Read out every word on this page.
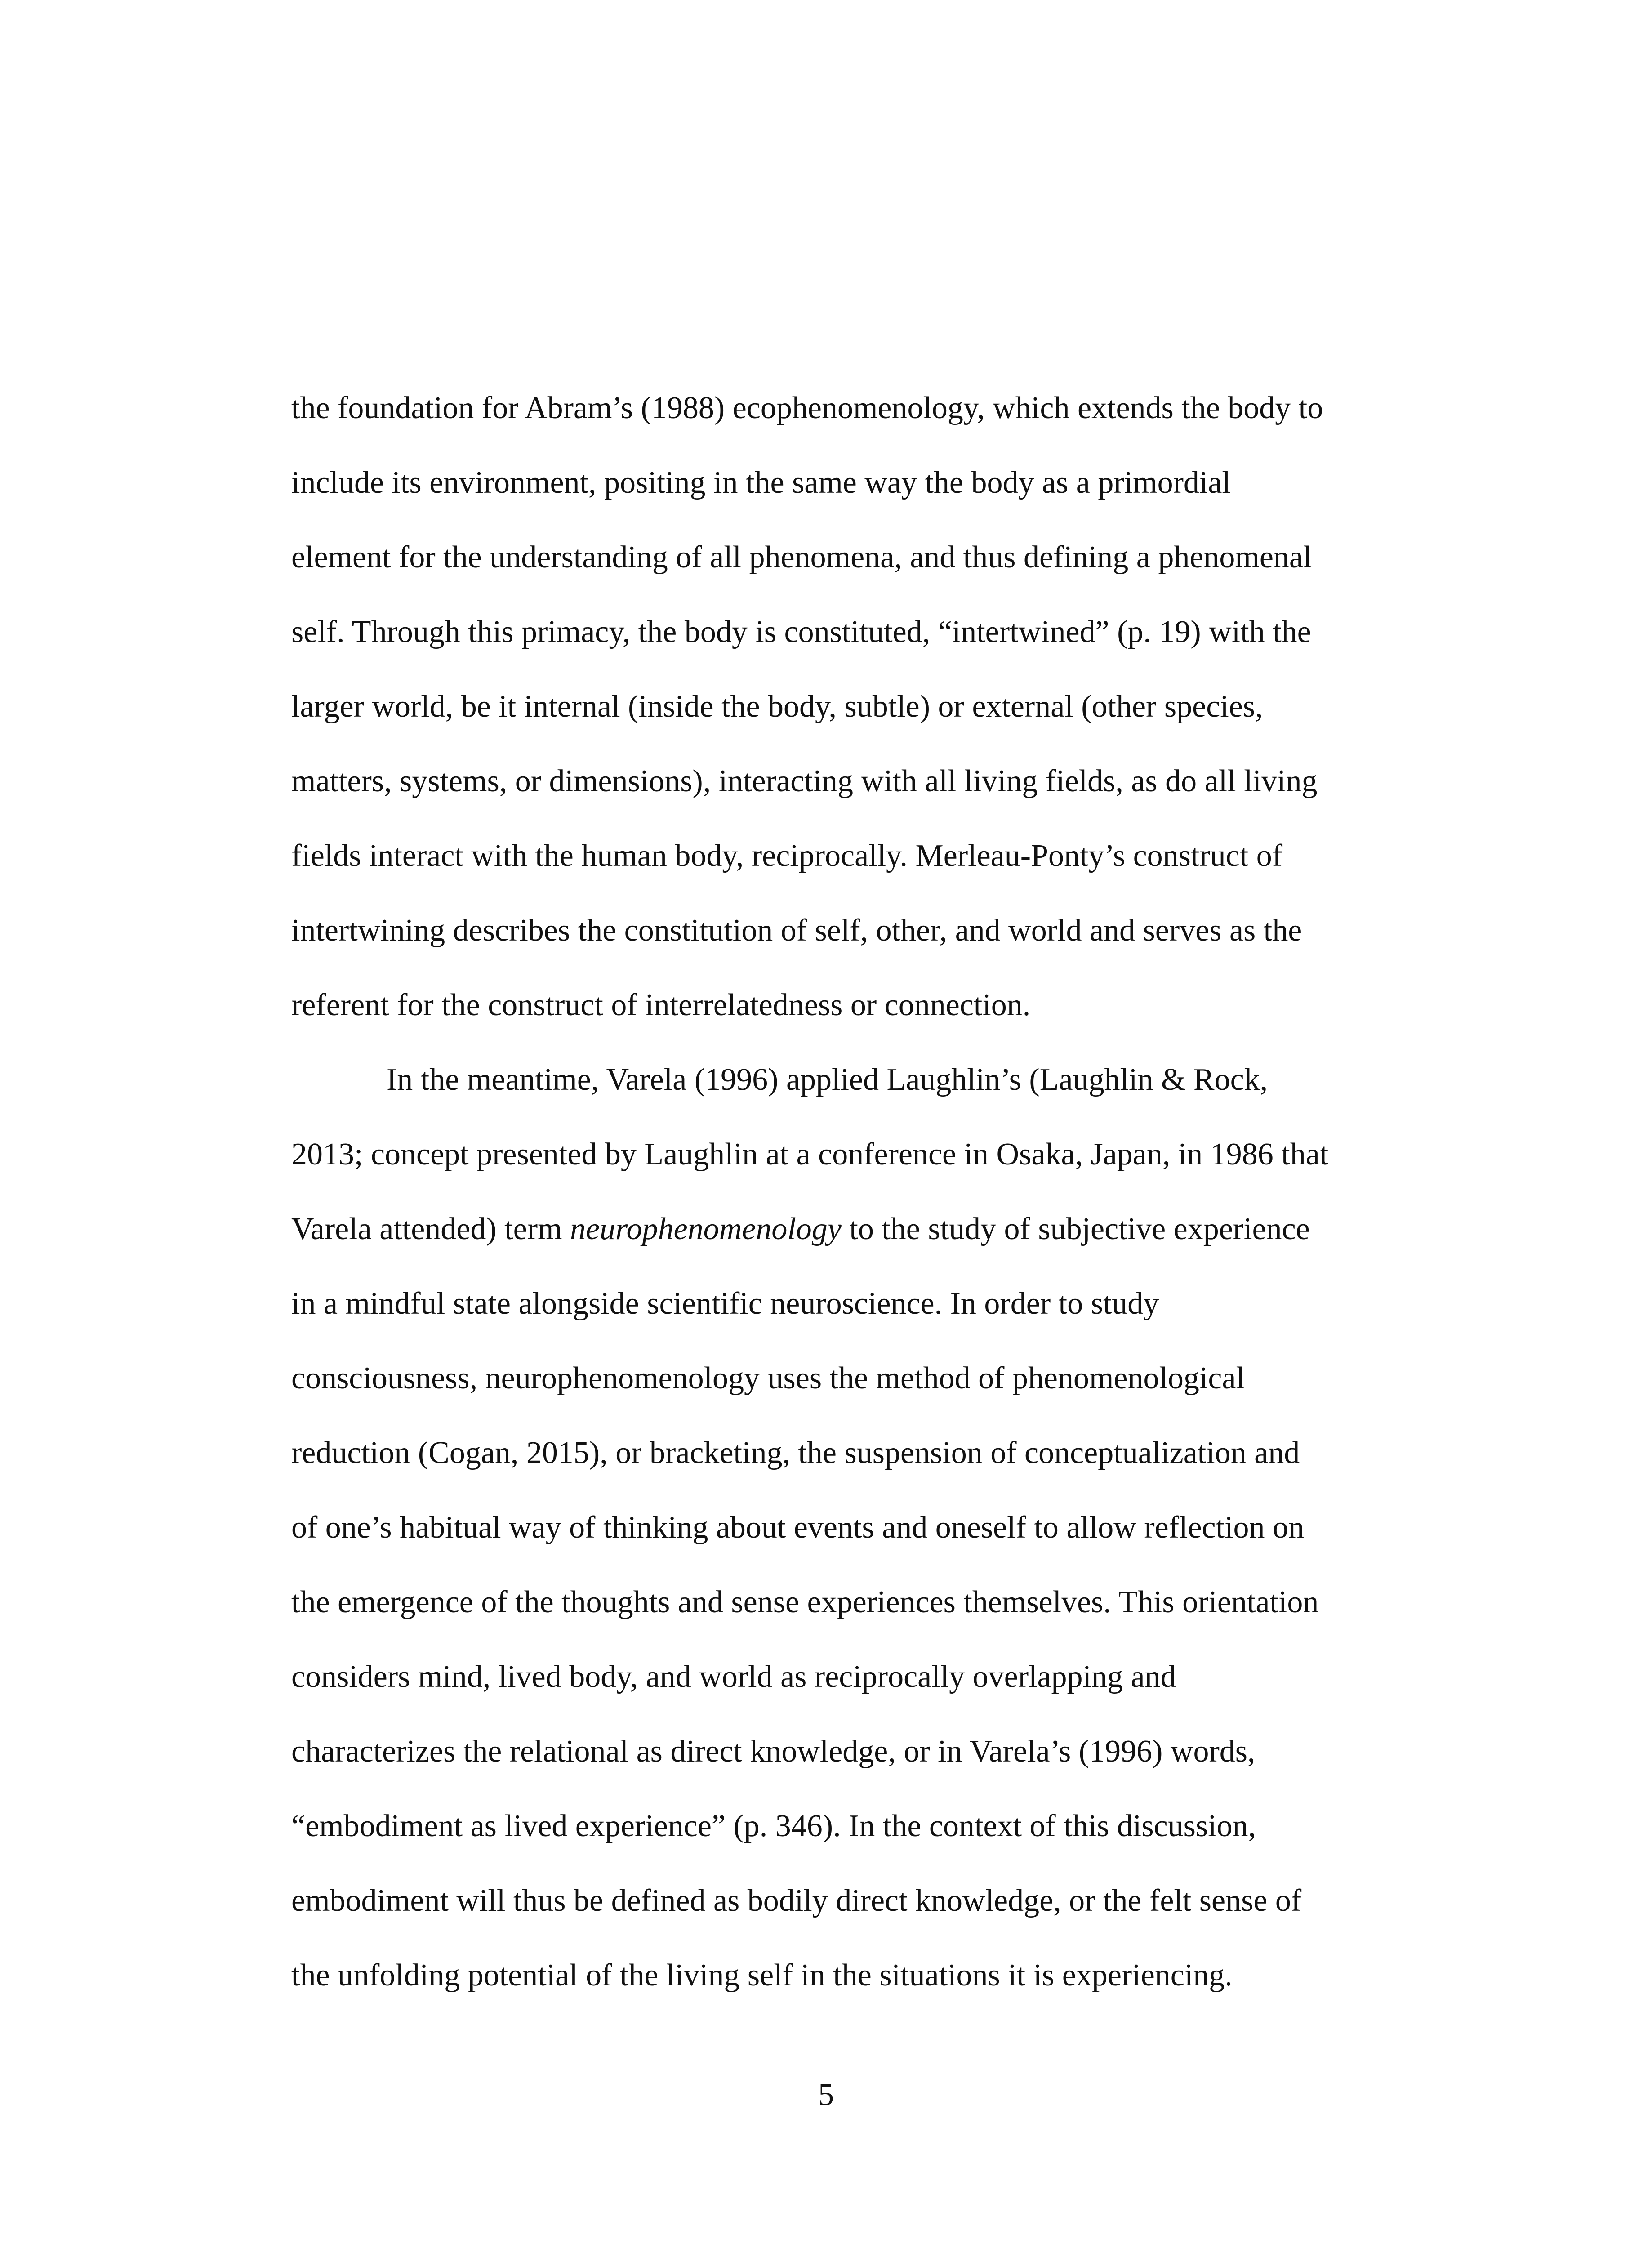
the foundation for Abram’s (1988) ecophenomenology, which extends the body to
include its environment, positing in the same way the body as a primordial
element for the understanding of all phenomena, and thus defining a phenomenal
self. Through this primacy, the body is constituted, “intertwined” (p. 19) with the
larger world, be it internal (inside the body, subtle) or external (other species,
matters, systems, or dimensions), interacting with all living fields, as do all living
fields interact with the human body, reciprocally. Merleau-Ponty’s construct of
intertwining describes the constitution of self, other, and world and serves as the
referent for the construct of interrelatedness or connection.
In the meantime, Varela (1996) applied Laughlin’s (Laughlin & Rock,
2013; concept presented by Laughlin at a conference in Osaka, Japan, in 1986 that
Varela attended) term neurophenomenology to the study of subjective experience
in a mindful state alongside scientific neuroscience. In order to study
consciousness, neurophenomenology uses the method of phenomenological
reduction (Cogan, 2015), or bracketing, the suspension of conceptualization and
of one’s habitual way of thinking about events and oneself to allow reflection on
the emergence of the thoughts and sense experiences themselves. This orientation
considers mind, lived body, and world as reciprocally overlapping and
characterizes the relational as direct knowledge, or in Varela’s (1996) words,
“embodiment as lived experience” (p. 346). In the context of this discussion,
embodiment will thus be defined as bodily direct knowledge, or the felt sense of
the unfolding potential of the living self in the situations it is experiencing.
5
